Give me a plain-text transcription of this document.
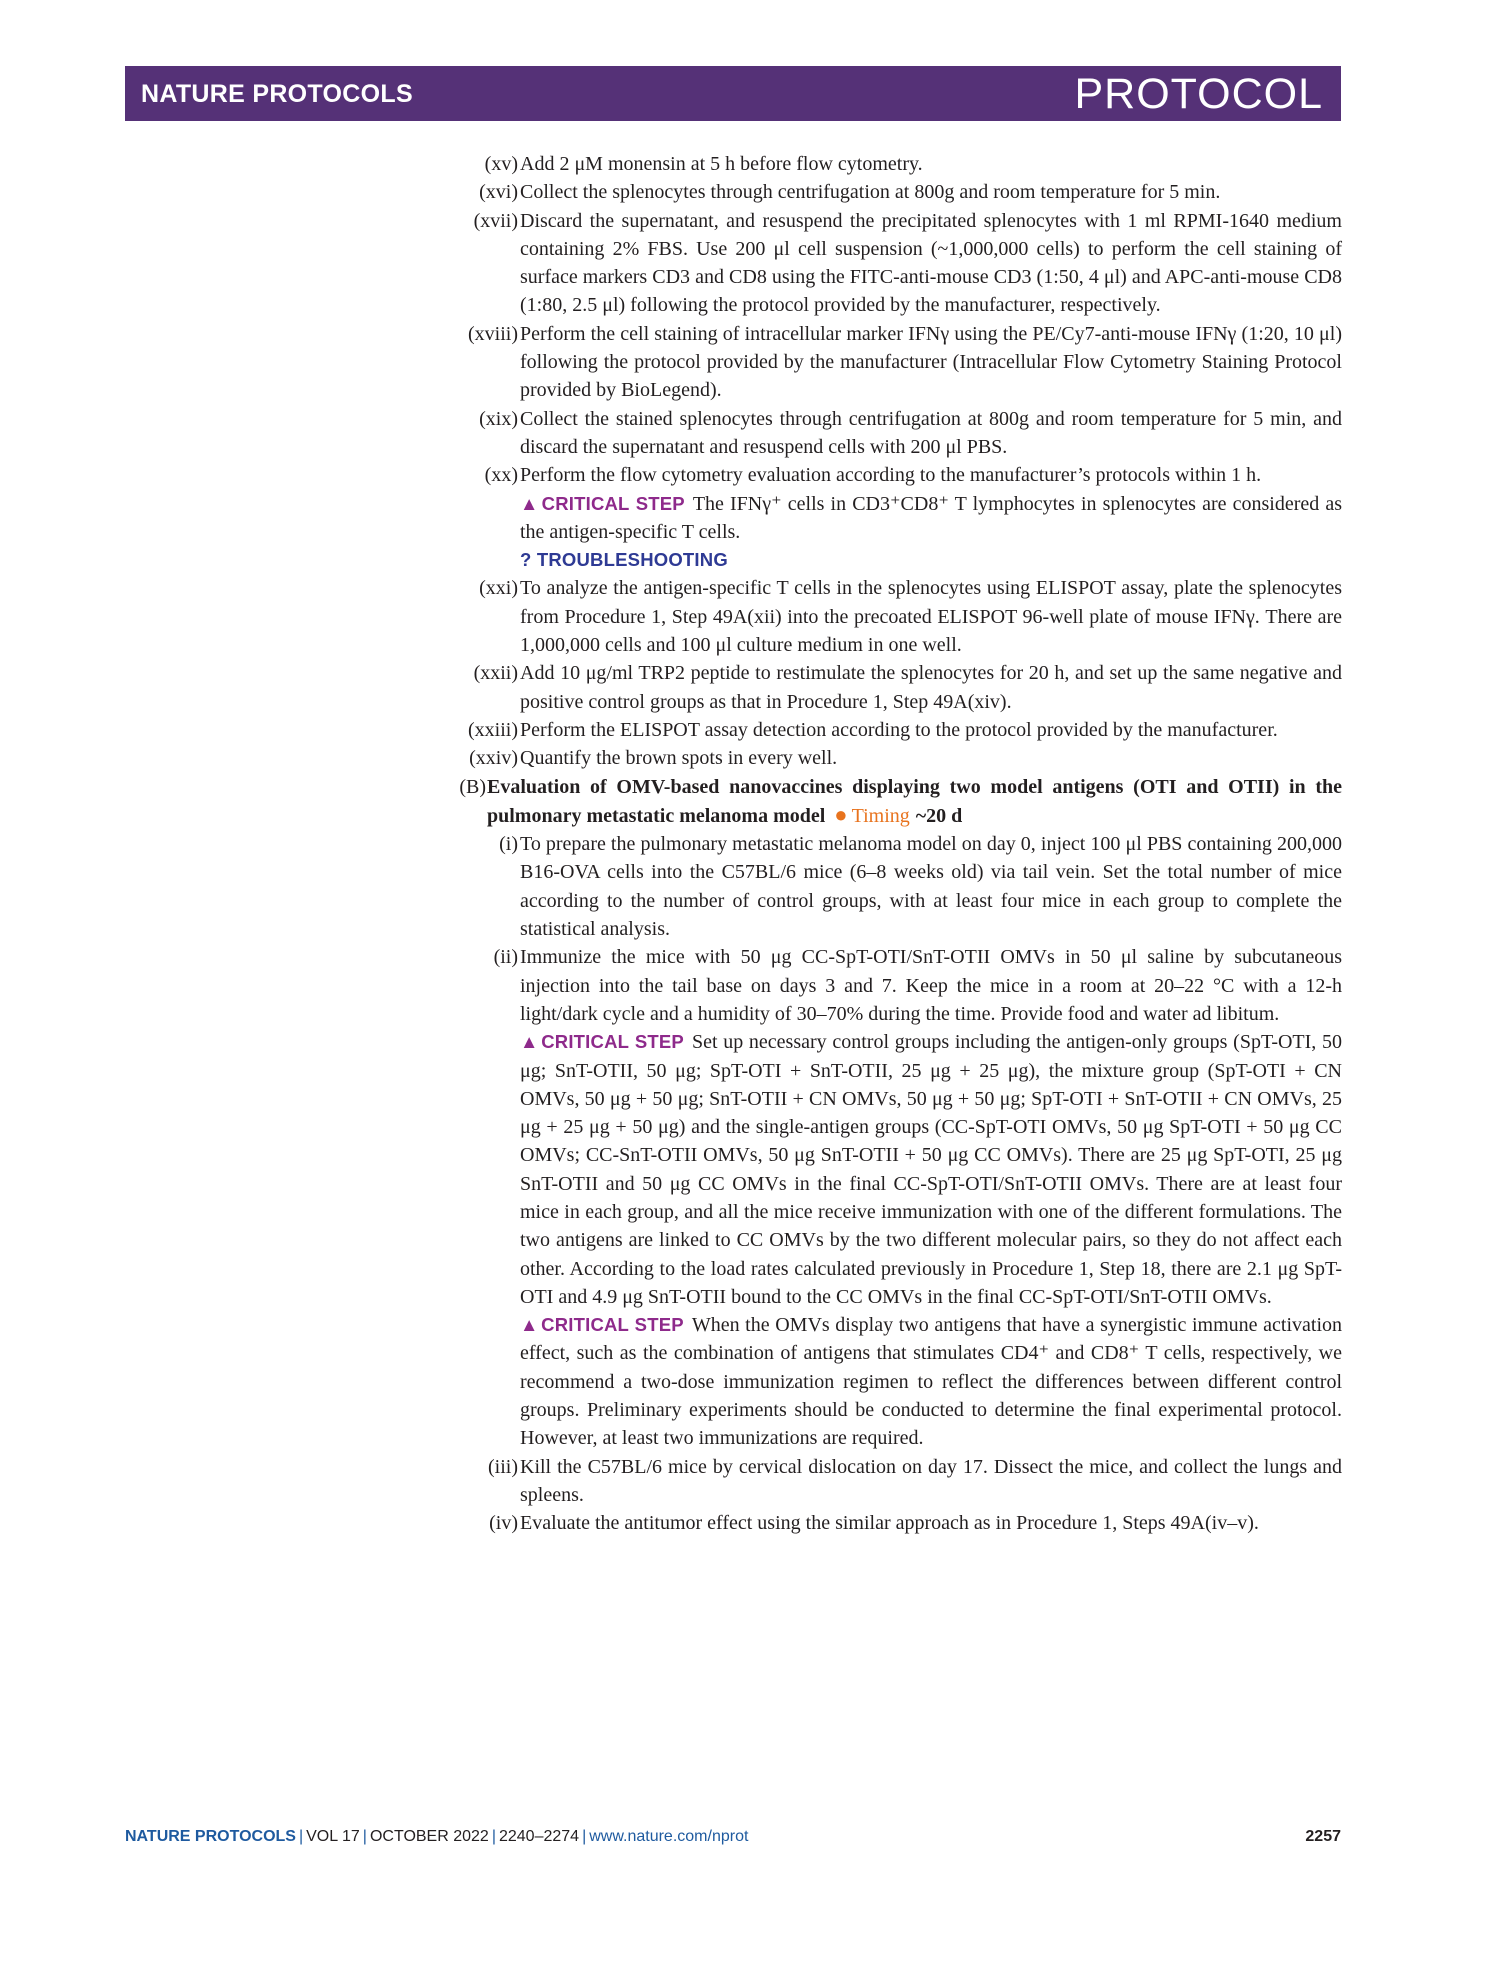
NATURE PROTOCOLS	PROTOCOL
(xv) Add 2 μM monensin at 5 h before flow cytometry.
(xvi) Collect the splenocytes through centrifugation at 800g and room temperature for 5 min.
(xvii) Discard the supernatant, and resuspend the precipitated splenocytes with 1 ml RPMI-1640 medium containing 2% FBS. Use 200 μl cell suspension (~1,000,000 cells) to perform the cell staining of surface markers CD3 and CD8 using the FITC-anti-mouse CD3 (1:50, 4 μl) and APC-anti-mouse CD8 (1:80, 2.5 μl) following the protocol provided by the manufacturer, respectively.
(xviii) Perform the cell staining of intracellular marker IFNγ using the PE/Cy7-anti-mouse IFNγ (1:20, 10 μl) following the protocol provided by the manufacturer (Intracellular Flow Cytometry Staining Protocol provided by BioLegend).
(xix) Collect the stained splenocytes through centrifugation at 800g and room temperature for 5 min, and discard the supernatant and resuspend cells with 200 μl PBS.
(xx) Perform the flow cytometry evaluation according to the manufacturer’s protocols within 1 h.
▲ CRITICAL STEP The IFNγ⁺ cells in CD3⁺CD8⁺ T lymphocytes in splenocytes are considered as the antigen-specific T cells.
? TROUBLESHOOTING
(xxi) To analyze the antigen-specific T cells in the splenocytes using ELISPOT assay, plate the splenocytes from Procedure 1, Step 49A(xii) into the precoated ELISPOT 96-well plate of mouse IFNγ. There are 1,000,000 cells and 100 μl culture medium in one well.
(xxii) Add 10 μg/ml TRP2 peptide to restimulate the splenocytes for 20 h, and set up the same negative and positive control groups as that in Procedure 1, Step 49A(xiv).
(xxiii) Perform the ELISPOT assay detection according to the protocol provided by the manufacturer.
(xxiv) Quantify the brown spots in every well.
(B) Evaluation of OMV-based nanovaccines displaying two model antigens (OTI and OTII) in the pulmonary metastatic melanoma model ● Timing ~20 d
(i) To prepare the pulmonary metastatic melanoma model on day 0, inject 100 μl PBS containing 200,000 B16-OVA cells into the C57BL/6 mice (6–8 weeks old) via tail vein. Set the total number of mice according to the number of control groups, with at least four mice in each group to complete the statistical analysis.
(ii) Immunize the mice with 50 μg CC-SpT-OTI/SnT-OTII OMVs in 50 μl saline by subcutaneous injection into the tail base on days 3 and 7. Keep the mice in a room at 20–22 °C with a 12-h light/dark cycle and a humidity of 30–70% during the time. Provide food and water ad libitum.
▲ CRITICAL STEP Set up necessary control groups including the antigen-only groups (SpT-OTI, 50 μg; SnT-OTII, 50 μg; SpT-OTI + SnT-OTII, 25 μg + 25 μg), the mixture group (SpT-OTI + CN OMVs, 50 μg + 50 μg; SnT-OTII + CN OMVs, 50 μg + 50 μg; SpT-OTI + SnT-OTII + CN OMVs, 25 μg + 25 μg + 50 μg) and the single-antigen groups (CC-SpT-OTI OMVs, 50 μg SpT-OTI + 50 μg CC OMVs; CC-SnT-OTII OMVs, 50 μg SnT-OTII + 50 μg CC OMVs). There are 25 μg SpT-OTI, 25 μg SnT-OTII and 50 μg CC OMVs in the final CC-SpT-OTI/SnT-OTII OMVs. There are at least four mice in each group, and all the mice receive immunization with one of the different formulations. The two antigens are linked to CC OMVs by the two different molecular pairs, so they do not affect each other. According to the load rates calculated previously in Procedure 1, Step 18, there are 2.1 μg SpT-OTI and 4.9 μg SnT-OTII bound to the CC OMVs in the final CC-SpT-OTI/SnT-OTII OMVs.
▲ CRITICAL STEP When the OMVs display two antigens that have a synergistic immune activation effect, such as the combination of antigens that stimulates CD4⁺ and CD8⁺ T cells, respectively, we recommend a two-dose immunization regimen to reflect the differences between different control groups. Preliminary experiments should be conducted to determine the final experimental protocol. However, at least two immunizations are required.
(iii) Kill the C57BL/6 mice by cervical dislocation on day 17. Dissect the mice, and collect the lungs and spleens.
(iv) Evaluate the antitumor effect using the similar approach as in Procedure 1, Steps 49A(iv–v).
NATURE PROTOCOLS | VOL 17 | OCTOBER 2022 | 2240–2274 | www.nature.com/nprot	2257
